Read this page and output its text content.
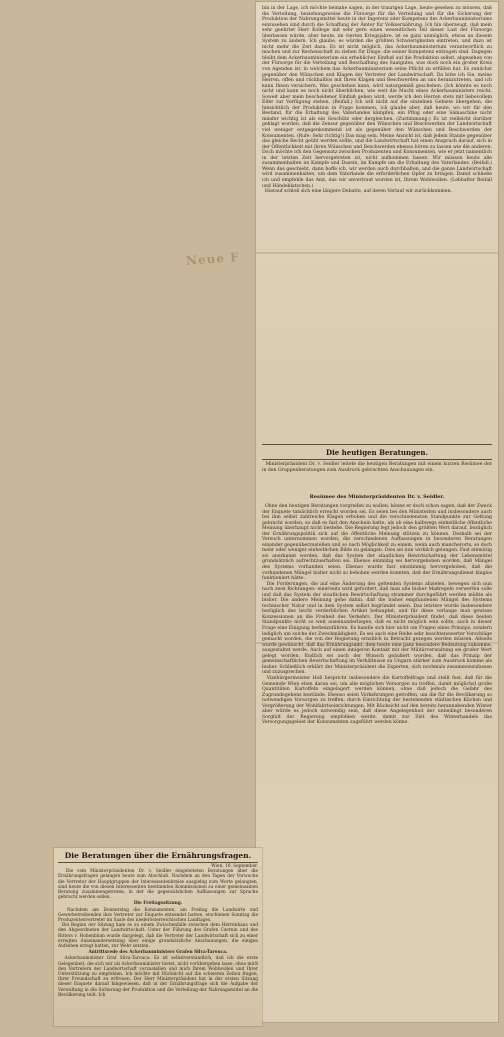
Neue F
bin in der Lage, ich möchte beinahe sagen, in der traurigen Lage, heute gesehen zu müssen, daß die Verteilung, beziehungsweise die Fürsorge für die Verteilung und für die Sicherung der Produktion der Nahrungsmittel heute in der Ingerenz oder Kompetenz des Ackerbauministeriums einzusehen sind durch die Schaffung der Ämter für Volksernährung. Ich bin überzeugt, daß mein sehr geehrter Herr Kollege mit sehr gern einen wesentlichen Teil dieser Last der Fürsorge überlassen würde, aber heute, im vierten Kriegsjahre, ist es ganz unmöglich, etwas an diesem System zu ändern. Ich glaube, es würden die größten Schwierigkeiten eintreten, und dazu ist nicht mehr die Zeit dazu. Es ist nicht möglich, das Ackerbauministerium verantwortlich zu machen und zur Rechenschaft zu ziehen für Dinge, die seiner Kompetenz entzogen sind. Dagegen bleibt dem Ackerbauministerium ein erheblicher Einfluß auf die Produktion selbst, abgesehen von der Fürsorge für die Verteilung und Beschaffung des Saatgutes, was doch noch ein großer Kreis von Agenden ist, in welchem das Ackerbauministerium seine Pflicht zu erfüllen hat. Es zunächst gegenüber den Wünschen und Klagen der Vertreter der Landwirtschaft. Da bitte ich Sie, meine Herren, offen und rückhaltlos mit Ihren Klagen und Beschwerden an uns heranzutreten, und ich kann Ihnen versichern: Was geschehen kann, wird naturgemäß geschehen. (Ich könnte es noch nicht und kann es noch nicht überblicken, wie weit die Macht eines Ackerbauministers reicht. Soweit aber mein bescheidener Einfluß gehen wird, werde ich den Herren stets mit liebevollem Eifer zur Verfügung stehen. (Beifall.) Ich will nicht auf die einzelnen Gebiete übergehen, die hinsichtlich der Produktion in Frage kommen, ich glaube aber, daß heute, wo wir für den Bestand, für die Erhaltung des Vaterlandes kämpfen, ein Pflug oder eine Sämaschine nicht minder wichtig ist als ein Geschütz oder dergleichen. (Zustimmung.) Es ist vielleicht darüber geklagt worden, daß die Zensur gegenüber den Wünschen und Beschwerden der Landwirtschaft viel weniger entgegenkommend ist als gegenüber den Wünschen und Beschwerden der Konsumenten. (Rufe: Sehr richtig!) Das mag sein. Meine Ansicht ist, daß jedem Stande gegenüber das gleiche Recht geübt werden sollte, und die Landwirtschaft hat einen Anspruch darauf, sich in der Öffentlichkeit mit ihren Wünschen und Beschwerden ebenso hören zu lassen wie die anderen. Doch möchte ich den Gegensatz zwischen Produzenten und Konsumenten, wie er jetzt namentlich in der letzten Zeit hervorgetreten ist, nicht aufkommen lassen. Wir müssen heute alle zusammenhalten im Kampfe und Dasein, im Kampfe um die Erhaltung des Vaterlandes. (Beifall.) Wenn das geschieht, dann hoffe ich, wir werden auch durchhalten, und die ganze Landwirtschaft wird zusammenhalten, um dem Vaterlande die erforderlichen Opfer zu bringen. Damit schließe ich und empfehle das Amt, das wir anvertraut worden ist, Ihrem Wohlwollen. (Lebhafter Beifall und Händeklatschen.)
Hierauf schloß sich eine längere Debatte, auf deren Verlauf wir zurückkommen.
Die heutigen Beratungen.
Ministerpräsident Dr. v. Seidler leitete die heutigen Beratungen mit einem kurzen Resümee der in den Gruppenberatungen zum Ausdruck gebrachten Anschauungen ein.
Resümee des Ministerpräsidenten Dr. v. Seidler.
Ohne den heutigen Beratungen vorgreifen zu wollen, könne er doch schon sagen, daß der Zweck der Enquete tatsächlich erreicht worden sei. Es seien bei den Ministerien und insbesondere auch bei ihm selbst zahlreiche Klagen erhoben und die verschiedensten Standpunkte zur Geltung gebracht worden, so daß es fast den Anschein hatte, als ob eine halbwegs einheitliche öffentliche Meinung überhaupt nicht bestehe. Die Regierung legt jedoch den größten Wert darauf, bezüglich der Ernährungspolitik sich auf die öffentliche Meinung stützen zu können. Deshalb sei der Versuch unternommen worden, die verschiedenen Auffassungen in besonderen Beratungen einander gegenüberzustellen und so nach Möglichkeit zu einem, wenn auch mancherorts, so doch mehr oder weniger einheitlichen Bilde zu gelangen. Dies sei nun wirklich gelungen. Fast einmütig sei anerkannt worden, daß das System der staatlichen Bewirtschaftung der Lebensmittel grundsätzlich aufrechtzuerhalten sei. Ebenso einmütig sei hervorgehoben worden, daß Mängel des Systems vorhanden seien. Ebenso wurde fast einstimmig hervorgehoben, daß die vorhandenen Mängel bisher nicht so behoben werden konnten, daß der Ernährungsdienst klaglos funktioniert hätte.
Die Forderungen, die auf eine Änderung des geltenden Systems abzielen, bewegen sich nun nach zwei Richtungen: einerseits wird gefordert, daß man alle bisher Maßregeln verwerfen solle und daß das System der staatlichen Bewirtschaftung strammer durchgeführt werden müßte als bisher. Die andere Meinung gehe dahin, daß die bisher empfundenen Mängel des Systems technischer Natur und in dem System selbst begründet seien. Das letztere wurde insbesondere bezüglich des leicht verderblichen Artikel behauptet, und für diese verlange man gewisse Konzessionen an die Freiheit des Verkehrs. Der Ministerpräsident findet, daß diese beiden Standpunkte nicht so weit auseinanderliegen, daß es nicht möglich sein sollte, auch in dieser Frage eine Einigung herbeizuführen. Es handle sich hier nicht um Fragen eines Prinzips, sondern lediglich um solche der Zweckmäßigkeit. Es sei auch eine Reihe sehr beachtenswerter Vorschläge gemacht worden, die von der Regierung ernstlich in Betracht gezogen werden müssen. Allseits wurde gewünscht, daß das Ernährungsamt, dem heute eine ganz besondere Bedeutung zukomme, ausgestaltet werde. Auch auf einen innigeren Kontakt mit der Militärverwaltung sei großer Wert gelegt worden. Endlich sei auch der Wunsch geäußert worden, daß das Prinzip der gemeinschaftlichen Bewirtschaftung im Verhältnisse zu Ungarn stärker zum Ausdruck komme als bisher. Schließlich erklärt der Ministerpräsident die Experten, sich nochmals zusammenzufassen und zuzusprechen.
Vizebürgermeister Hoß bespricht insbesondere die Kartoffelfrage und stellt fest, daß für die Gemeinde Wien eben daran sei, um alle möglichen Vorsorgen zu treffen, damit möglichst große Quantitäten Kartoffeln eingelagert werden können, ohne daß jedoch die Gefahr des Zugrundegehens bestünde. Ebenso seien Vorkehrungen getroffen, um die für die Bevölkerung so notwendigen Vorsorgen zu treffen, durch Einrichtung der bestehenden städtischen Küchen und Vergrößerung der Wohlfahrtseinrichtungen. Mit Rücksicht auf den bereits herannahenden Winter aber würde es jedoch notwendig sein, daß diese Angelegenheit der unbedingt besonderen Sorgfalt der Regierung empfohlen werde, damit zur Zeit des Winterhandels das Versorgungsgebiet der Konsumenten zugeführt werden könne.
Die Beratungen über die Ernährungsfragen.
Wien, 10. September.
Die vom Ministerpräsidenten Dr. v. Seidler eingeleiteten Beratungen über die Ernährungsfragen gelangen heute zum Abschluß. Nachdem an den Tagen der Vorwoche die Vertreter der Hauptgruppen der Interessentenkreise ausgiebig zum Worte gelangten, sind heute die von diesen Interessenten bestimmten Kommissionen zu einer gemeinsamen Beratung zusammengetreten, in der die gegensätzlichen Auffassungen zur Sprache gebracht werden sollen.
Die Freitagssitzung.
Nachdem am Donnerstag die Konsumenten, am Freitag die Landwirte und Gewerbetreibenden ihre Vertreter zur Enquete entsendet hatten, erschienen Sonntag die Produzentenvertreter im Saale des niederösterreichischen Landtages.
Bei Beginn der Sitzung kam es zu einem Zwischenfalle zwischen dem Herrenhaus und den Abgeordneten der Landwirtschaft. Unter der Führung des Grafen Czernin und des Ritters v. Hohenblum wurde dargelegt, daß die Vertreter der Landwirtschaft sich zu einer erregten Auseinandersetzung über einige grundsätzliche Anschauungen, die einigen Aufsehen erregt hatten, zur Wehr setzten.
Antrittsrede des Ackerbauministers Grafen Silva-Tarouca.
Ackerbauminister Graf Silva-Tarouca: Es ist selbstverständlich, daß ich die erste Gelegenheit, die sich mir als Ackerbauminister bietet, nicht vorübergehen lasse, ohne mich den Vertretern der Landwirtschaft vorzustellen und mich Ihrem Wohlwollen und Ihrer Unterstützung zu empfehlen. Ich möchte mit Rücksicht auf die schweren Zeiten fragen, Ihrer Freundschaft zu erfreuen. Der Herr Ministerpräsident hat in der ersten Sitzung dieser Enquete darauf hingewiesen, daß in der Ernährungsfrage sich die Aufgabe der Verwaltung in die Sicherung der Produktion und die Verteilung der Nahrungsmittel an die Bevölkerung teilt. Ich
